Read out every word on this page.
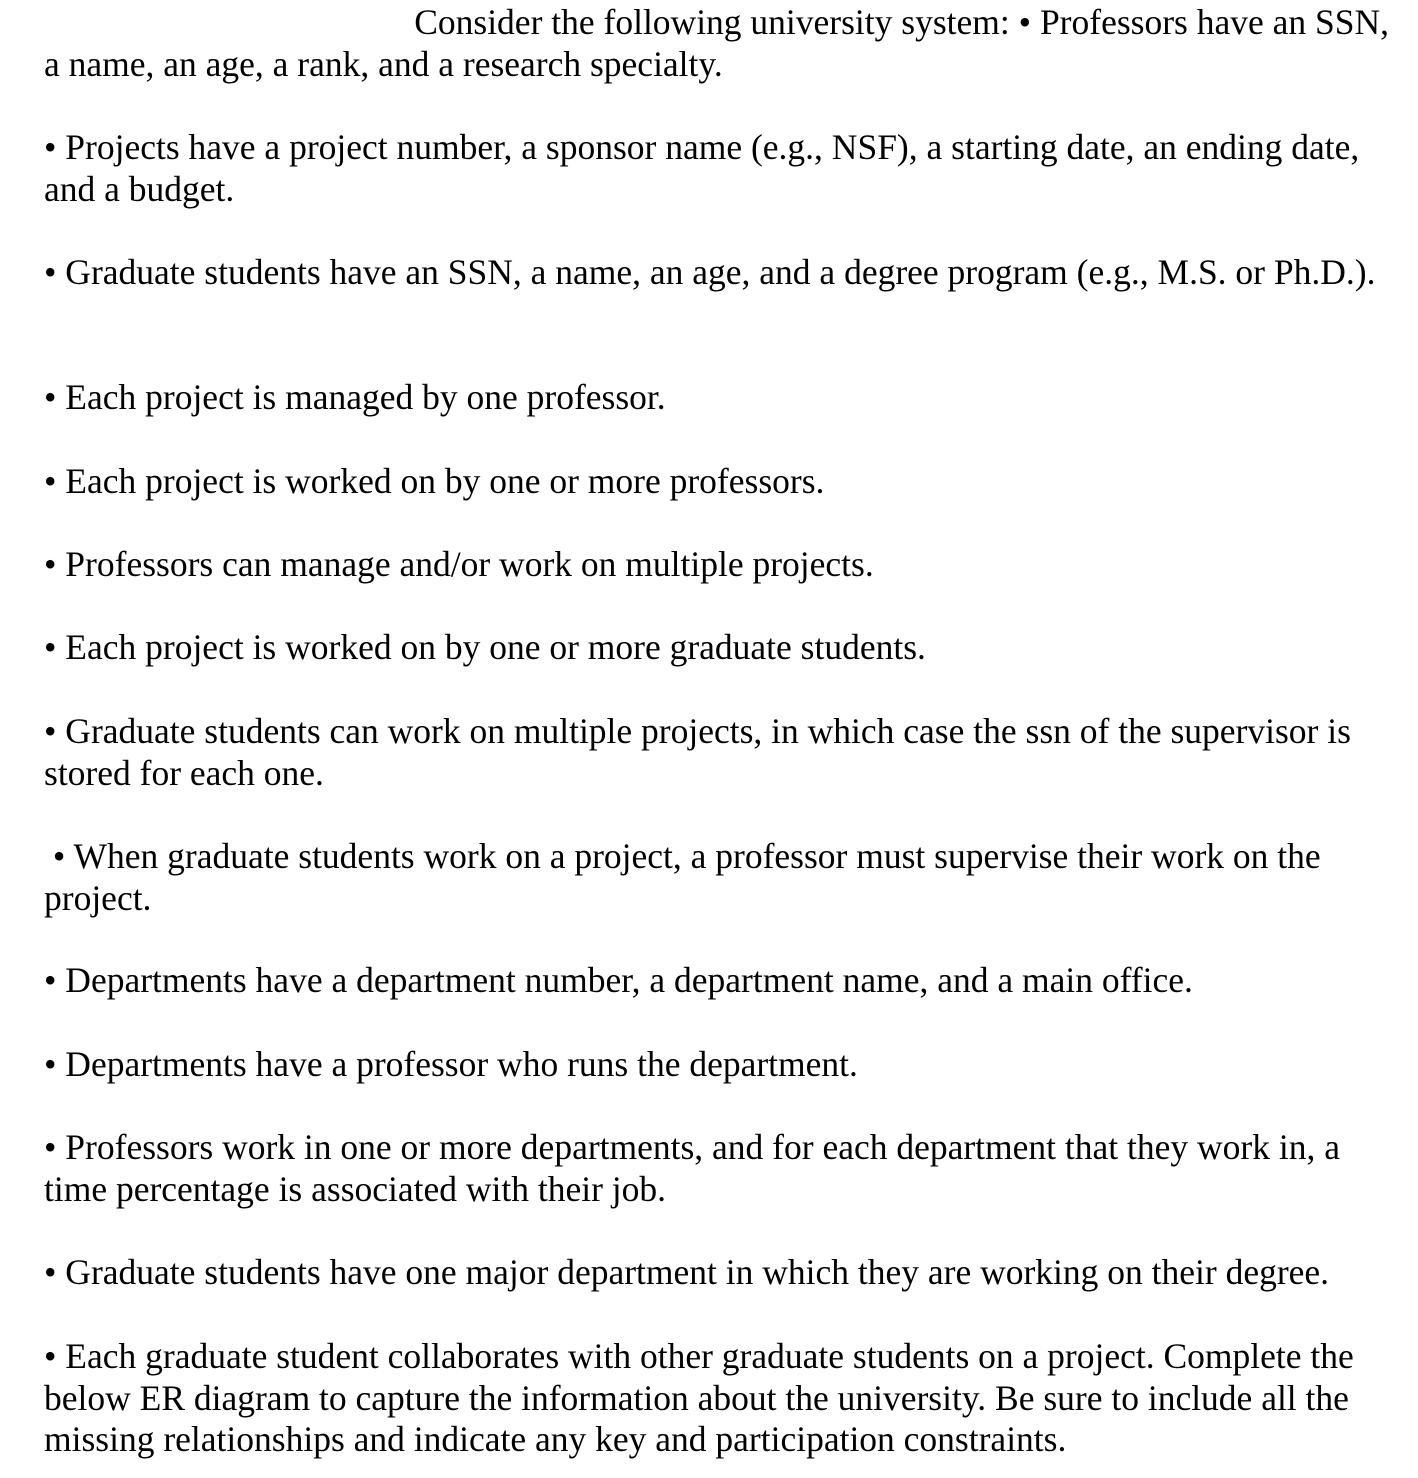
Consider the following university system: • Professors have an SSN,
a name, an age, a rank, and a research specialty.
• Projects have a project number, a sponsor name (e.g., NSF), a starting date, an ending date, and a budget.
• Graduate students have an SSN, a name, an age, and a degree program (e.g., M.S. or Ph.D.).
• Each project is managed by one professor.
• Each project is worked on by one or more professors.
• Professors can manage and/or work on multiple projects.
• Each project is worked on by one or more graduate students.
• Graduate students can work on multiple projects, in which case the ssn of the supervisor is stored for each one.
• When graduate students work on a project, a professor must supervise their work on the project.
• Departments have a department number, a department name, and a main office.
• Departments have a professor who runs the department.
• Professors work in one or more departments, and for each department that they work in, a time percentage is associated with their job.
• Graduate students have one major department in which they are working on their degree.
• Each graduate student collaborates with other graduate students on a project. Complete the below ER diagram to capture the information about the university. Be sure to include all the missing relationships and indicate any key and participation constraints.
